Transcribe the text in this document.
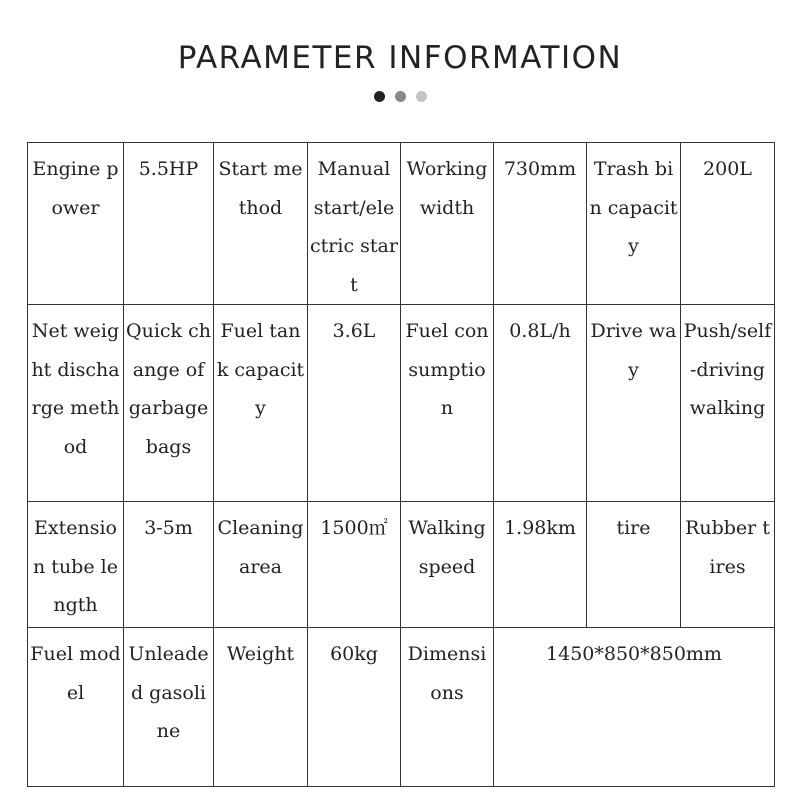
PARAMETER INFORMATION
Engine power	5.5HP	Start method	Manual start/electric start	Working width	730mm	Trash bin capacity	200L
Net weight discharge method	Quick change of garbage bags	Fuel tank capacity	3.6L	Fuel consumption	0.8L/h	Drive way	Push/self-driving walking
Extension tube length	3-5m	Cleaning area	1500㎡	Walking speed	1.98km	tire	Rubber tires
Fuel model	Unleaded gasoline	Weight	60kg	Dimensions	1450*850*850mm		
